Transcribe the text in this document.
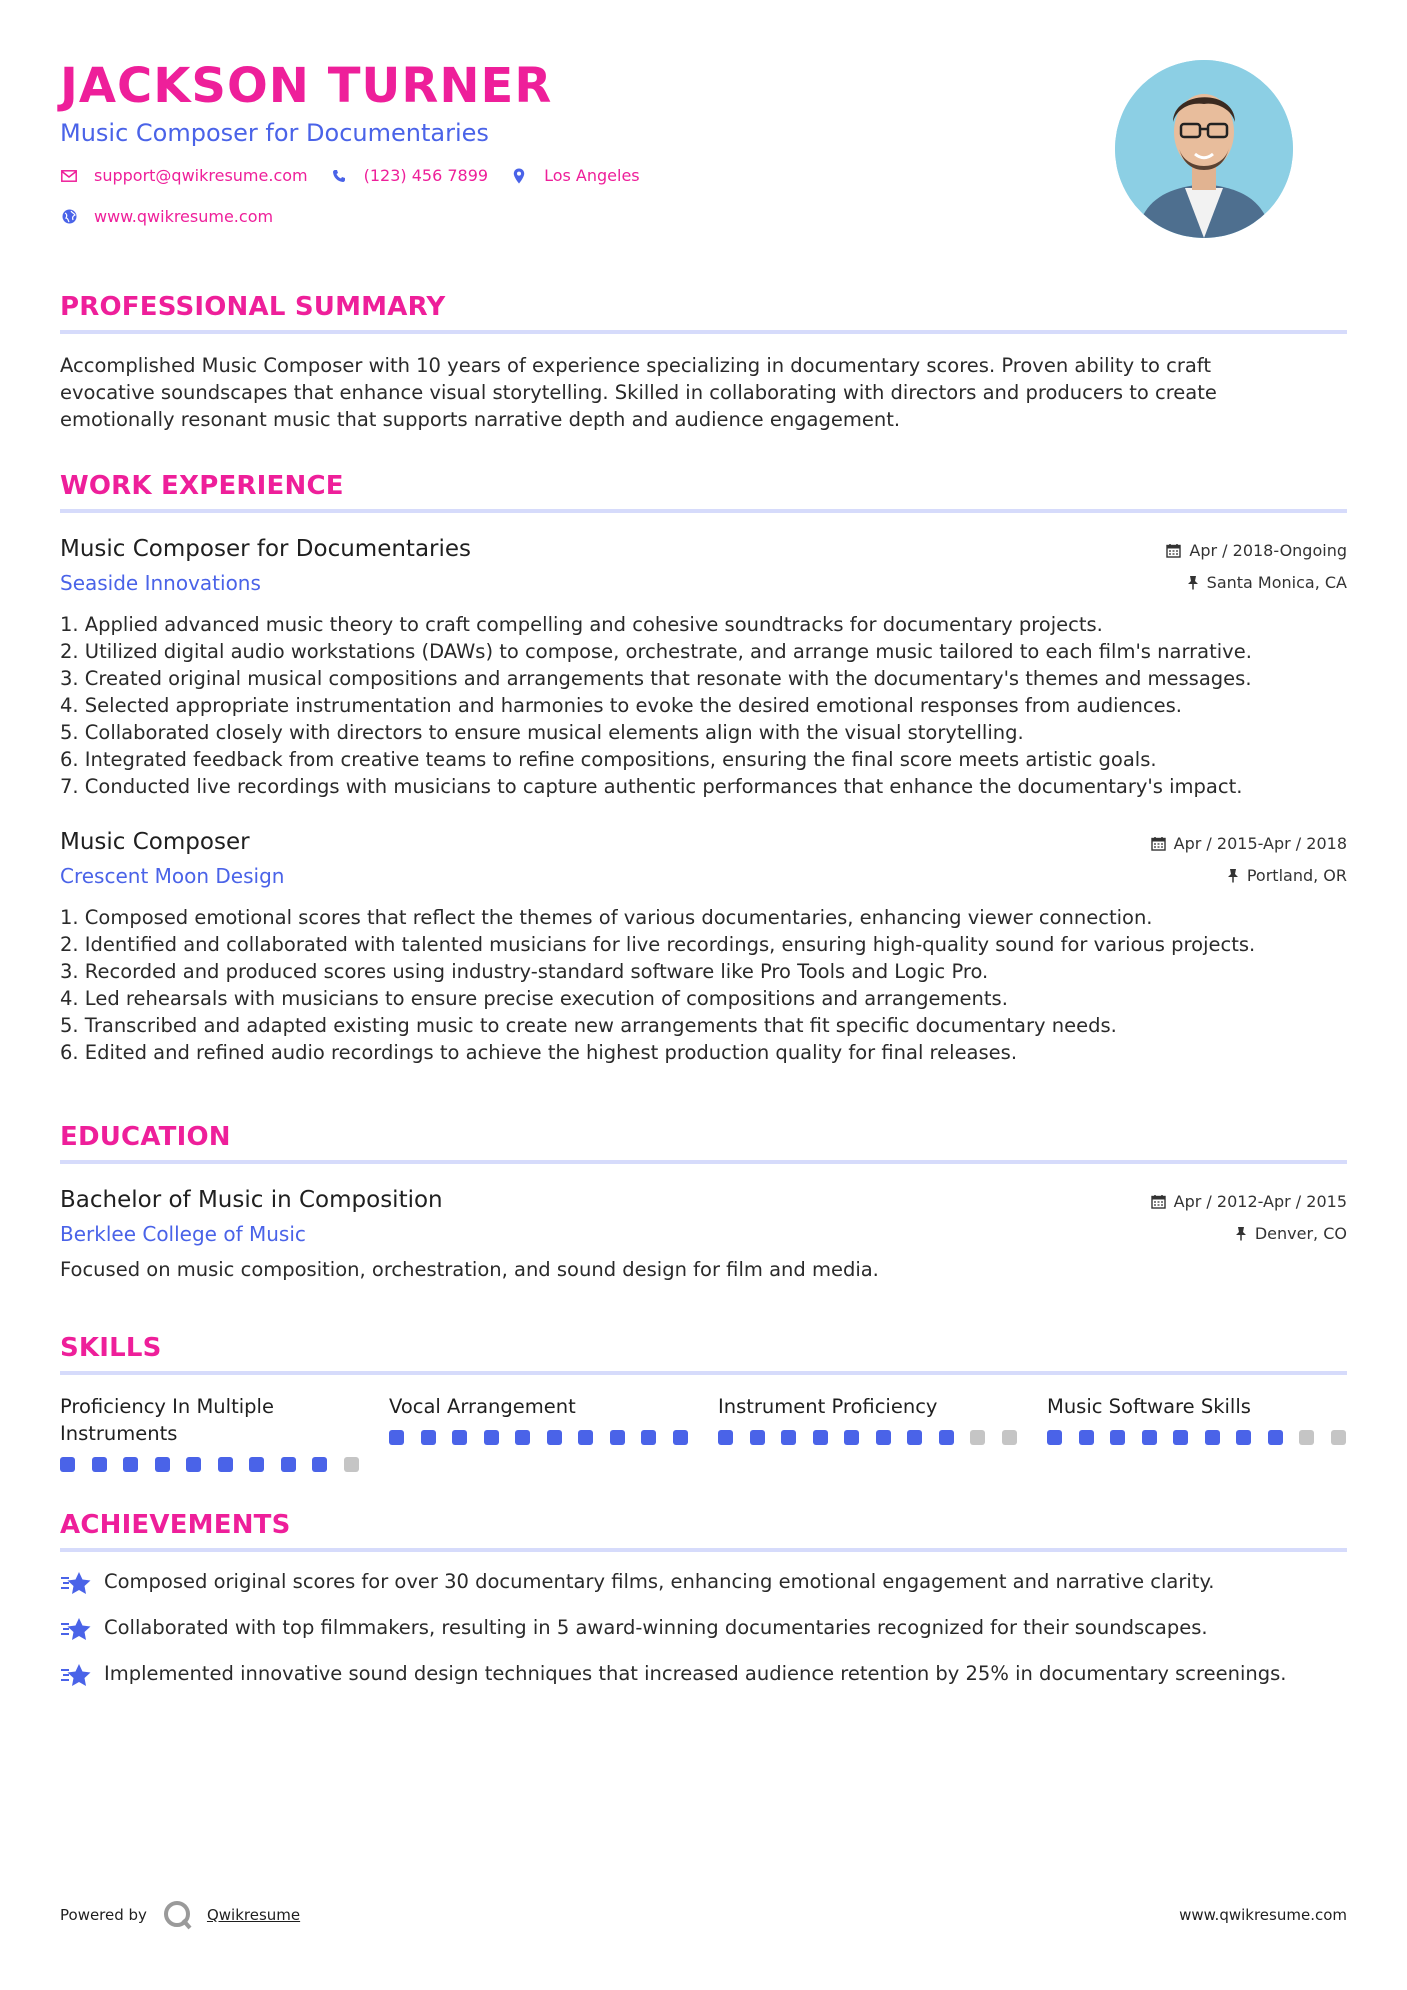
JACKSON TURNER
Music Composer for Documentaries
support@qwikresume.com	(123) 456 7899	Los Angeles
www.qwikresume.com
PROFESSIONAL SUMMARY
Accomplished Music Composer with 10 years of experience specializing in documentary scores. Proven ability to craft
evocative soundscapes that enhance visual storytelling. Skilled in collaborating with directors and producers to create
emotionally resonant music that supports narrative depth and audience engagement.
WORK EXPERIENCE
Music Composer for Documentaries
Seaside Innovations
Apr / 2018-Ongoing
Santa Monica, CA
1. Applied advanced music theory to craft compelling and cohesive soundtracks for documentary projects.
2. Utilized digital audio workstations (DAWs) to compose, orchestrate, and arrange music tailored to each film's narrative.
3. Created original musical compositions and arrangements that resonate with the documentary's themes and messages.
4. Selected appropriate instrumentation and harmonies to evoke the desired emotional responses from audiences.
5. Collaborated closely with directors to ensure musical elements align with the visual storytelling.
6. Integrated feedback from creative teams to refine compositions, ensuring the final score meets artistic goals.
7. Conducted live recordings with musicians to capture authentic performances that enhance the documentary's impact.
Music Composer
Crescent Moon Design
Apr / 2015-Apr / 2018
Portland, OR
1. Composed emotional scores that reflect the themes of various documentaries, enhancing viewer connection.
2. Identified and collaborated with talented musicians for live recordings, ensuring high-quality sound for various projects.
3. Recorded and produced scores using industry-standard software like Pro Tools and Logic Pro.
4. Led rehearsals with musicians to ensure precise execution of compositions and arrangements.
5. Transcribed and adapted existing music to create new arrangements that fit specific documentary needs.
6. Edited and refined audio recordings to achieve the highest production quality for final releases.
EDUCATION
Bachelor of Music in Composition
Berklee College of Music
Apr / 2012-Apr / 2015
Denver, CO
Focused on music composition, orchestration, and sound design for film and media.
SKILLS
Proficiency In Multiple Instruments
Vocal Arrangement	Instrument Proficiency	Music Software Skills
ACHIEVEMENTS
Composed original scores for over 30 documentary films, enhancing emotional engagement and narrative clarity.
Collaborated with top filmmakers, resulting in 5 award-winning documentaries recognized for their soundscapes.
Implemented innovative sound design techniques that increased audience retention by 25% in documentary screenings.
Powered by	Qwikresume	www.qwikresume.com
